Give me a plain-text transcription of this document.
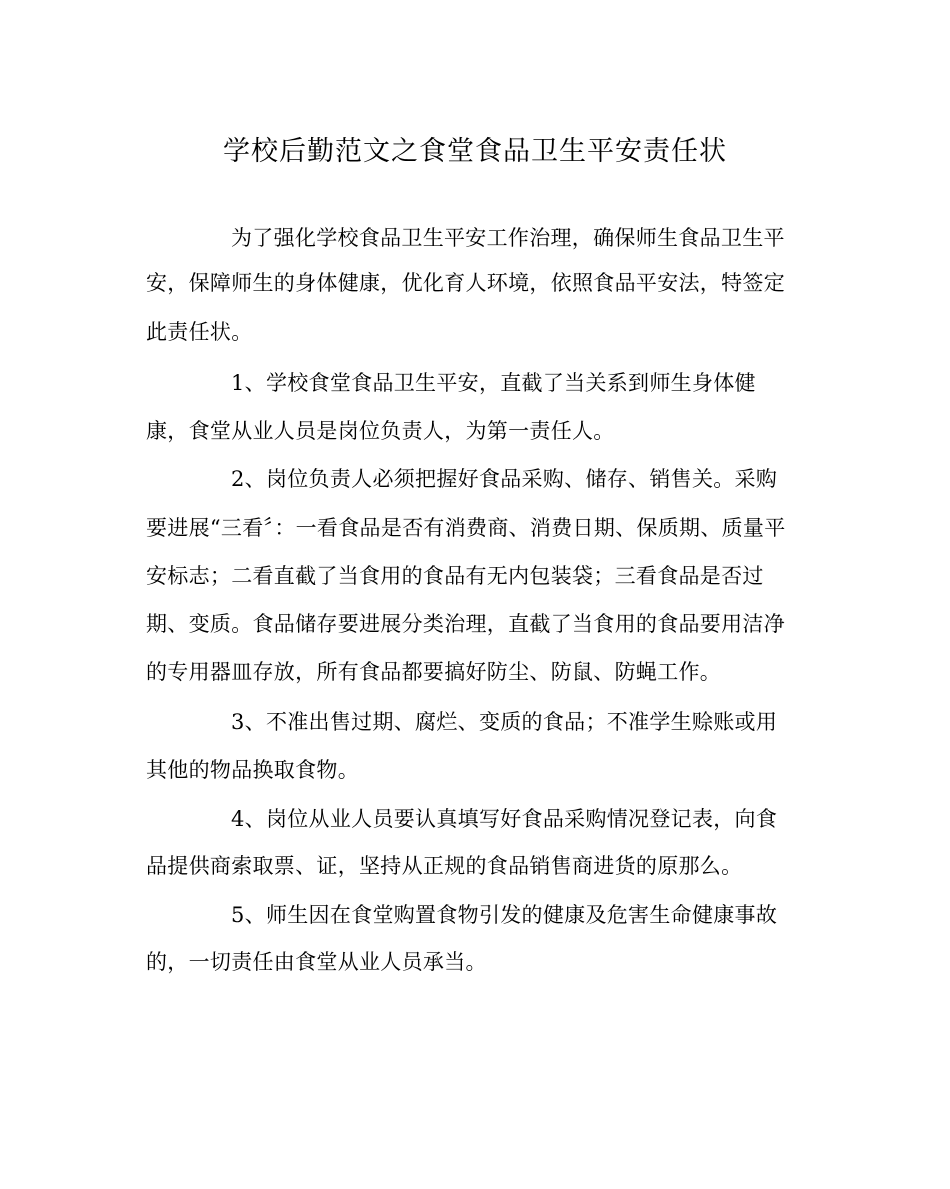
学校后勤范文之食堂食品卫生平安责任状
为了强化学校食品卫生平安工作治理，确保师生食品卫生平
安，保障师生的身体健康，优化育人环境，依照食品平安法，特签定
此责任状。
1、学校食堂食品卫生平安，直截了当关系到师生身体健
康，食堂从业人员是岗位负责人，为第一责任人。
2、岗位负责人必须把握好食品采购、储存、销售关。采购
要进展“三看〞：一看食品是否有消费商、消费日期、保质期、质量平
安标志；二看直截了当食用的食品有无内包装袋；三看食品是否过
期、变质。食品储存要进展分类治理，直截了当食用的食品要用洁净
的专用器皿存放，所有食品都要搞好防尘、防鼠、防蝇工作。
3、不准出售过期、腐烂、变质的食品；不准学生赊账或用
其他的物品换取食物。
4、岗位从业人员要认真填写好食品采购情况登记表，向食
品提供商索取票、证，坚持从正规的食品销售商进货的原那么。
5、师生因在食堂购置食物引发的健康及危害生命健康事故
的，一切责任由食堂从业人员承当。
